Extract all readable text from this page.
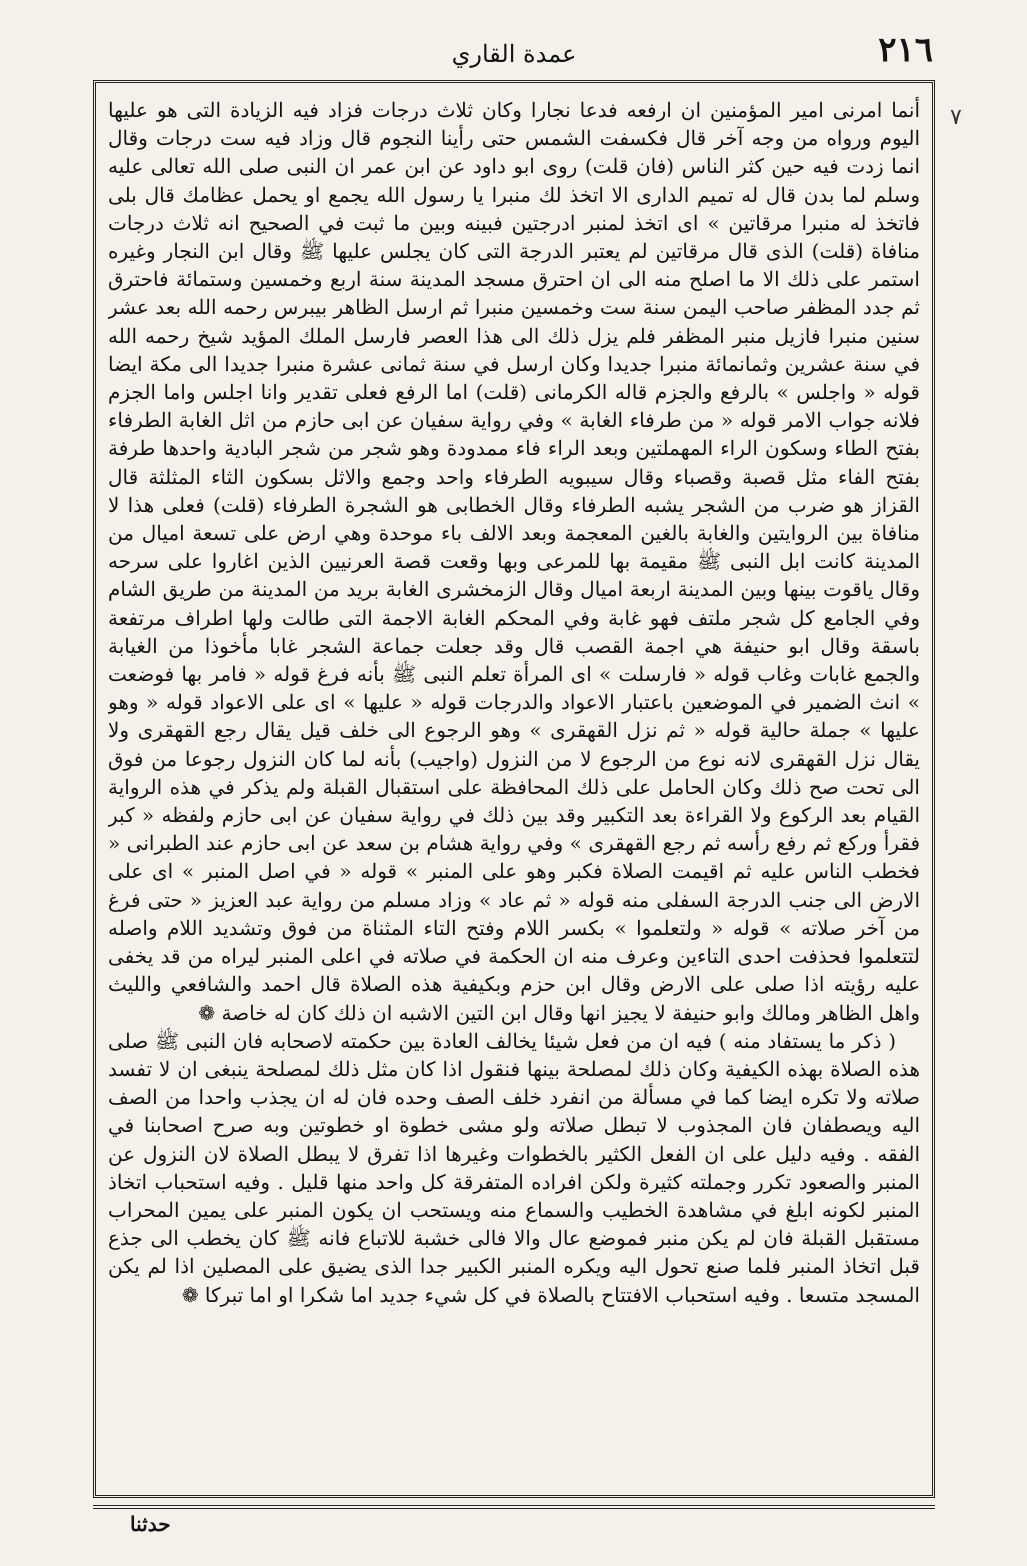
٢١٦
عمدة القاري
٧

أنما امرنى امير المؤمنين ان ارفعه فدعا نجارا وكان ثلاث درجات فزاد فيه الزيادة التى هو عليها اليوم ورواه من وجه آخر قال فكسفت الشمس حتى رأينا النجوم قال وزاد فيه ست درجات وقال انما زدت فيه حين كثر الناس (فان قلت) روى ابو داود عن ابن عمر ان النبى صلى الله تعالى عليه وسلم لما بدن قال له تميم الدارى الا اتخذ لك منبرا يا رسول الله يجمع او يحمل عظامك قال بلى فاتخذ له منبرا مرقاتين » اى اتخذ لمنبر ادرجتين فبينه وبين ما ثبت في الصحيح انه ثلاث درجات منافاة (قلت) الذى قال مرقاتين لم يعتبر الدرجة التى كان يجلس عليها ﷺ وقال ابن النجار وغيره استمر على ذلك الا ما اصلح منه الى ان احترق مسجد المدينة سنة اربع وخمسين وستمائة فاحترق ثم جدد المظفر صاحب اليمن سنة ست وخمسين منبرا ثم ارسل الظاهر بيبرس رحمه الله بعد عشر سنين منبرا فازيل منبر المظفر فلم يزل ذلك الى هذا العصر فارسل الملك المؤيد شيخ رحمه الله في سنة عشرين وثمانمائة منبرا جديدا وكان ارسل في سنة ثمانى عشرة منبرا جديدا الى مكة ايضا قوله « واجلس » بالرفع والجزم قاله الكرمانى (قلت) اما الرفع فعلى تقدير وانا اجلس واما الجزم فلانه جواب الامر قوله « من طرفاء الغابة » وفي رواية سفيان عن ابى حازم من اثل الغابة الطرفاء بفتح الطاء وسكون الراء المهملتين وبعد الراء فاء ممدودة وهو شجر من شجر البادية واحدها طرفة بفتح الفاء مثل قصبة وقصباء وقال سيبويه الطرفاء واحد وجمع والاثل بسكون الثاء المثلثة قال القزاز هو ضرب من الشجر يشبه الطرفاء وقال الخطابى هو الشجرة الطرفاء (قلت) فعلى هذا لا منافاة بين الروايتين والغابة بالغين المعجمة وبعد الالف باء موحدة وهي ارض على تسعة اميال من المدينة كانت ابل النبى ﷺ مقيمة بها للمرعى وبها وقعت قصة العرنيين الذين اغاروا على سرحه وقال ياقوت بينها وبين المدينة اربعة اميال وقال الزمخشرى الغابة بريد من المدينة من طريق الشام وفي الجامع كل شجر ملتف فهو غابة وفي المحكم الغابة الاجمة التى طالت ولها اطراف مرتفعة باسقة وقال ابو حنيفة هي اجمة القصب قال وقد جعلت جماعة الشجر غابا مأخوذا من الغيابة والجمع غابات وغاب قوله « فارسلت » اى المرأة تعلم النبى ﷺ بأنه فرغ قوله « فامر بها فوضعت » انث الضمير في الموضعين باعتبار الاعواد والدرجات قوله « عليها » اى على الاعواد قوله « وهو عليها » جملة حالية قوله « ثم نزل القهقرى » وهو الرجوع الى خلف قيل يقال رجع القهقرى ولا يقال نزل القهقرى لانه نوع من الرجوع لا من النزول (واجيب) بأنه لما كان النزول رجوعا من فوق الى تحت صح ذلك وكان الحامل على ذلك المحافظة على استقبال القبلة ولم يذكر في هذه الرواية القيام بعد الركوع ولا القراءة بعد التكبير وقد بين ذلك في رواية سفيان عن ابى حازم ولفظه « كبر فقرأ وركع ثم رفع رأسه ثم رجع القهقرى » وفي رواية هشام بن سعد عن ابى حازم عند الطبرانى « فخطب الناس عليه ثم اقيمت الصلاة فكبر وهو على المنبر » قوله « في اصل المنبر » اى على الارض الى جنب الدرجة السفلى منه قوله « ثم عاد » وزاد مسلم من رواية عبد العزيز « حتى فرغ من آخر صلاته » قوله « ولتعلموا » بكسر اللام وفتح التاء المثناة من فوق وتشديد اللام واصله لتتعلموا فحذفت احدى التاءين وعرف منه ان الحكمة في صلاته في اعلى المنبر ليراه من قد يخفى عليه رؤيته اذا صلى على الارض وقال ابن حزم وبكيفية هذه الصلاة قال احمد والشافعي والليث واهل الظاهر ومالك وابو حنيفة لا يجيز انها وقال ابن التين الاشبه ان ذلك كان له خاصة ❁

( ذكر ما يستفاد منه ) فيه ان من فعل شيئا يخالف العادة بين حكمته لاصحابه فان النبى ﷺ صلى هذه الصلاة بهذه الكيفية وكان ذلك لمصلحة بينها فنقول اذا كان مثل ذلك لمصلحة ينبغى ان لا تفسد صلاته ولا تكره ايضا كما في مسألة من انفرد خلف الصف وحده فان له ان يجذب واحدا من الصف اليه ويصطفان فان المجذوب لا تبطل صلاته ولو مشى خطوة او خطوتين وبه صرح اصحابنا في الفقه . وفيه دليل على ان الفعل الكثير بالخطوات وغيرها اذا تفرق لا يبطل الصلاة لان النزول عن المنبر والصعود تكرر وجملته كثيرة ولكن افراده المتفرقة كل واحد منها قليل . وفيه استحباب اتخاذ المنبر لكونه ابلغ في مشاهدة الخطيب والسماع منه ويستحب ان يكون المنبر على يمين المحراب مستقبل القبلة فان لم يكن منبر فموضع عال والا فالى خشبة للاتباع فانه ﷺ كان يخطب الى جذع قبل اتخاذ المنبر فلما صنع تحول اليه ويكره المنبر الكبير جدا الذى يضيق على المصلين اذا لم يكن المسجد متسعا . وفيه استحباب الافتتاح بالصلاة في كل شيء جديد اما شكرا او اما تبركا ❁

حدثنا
